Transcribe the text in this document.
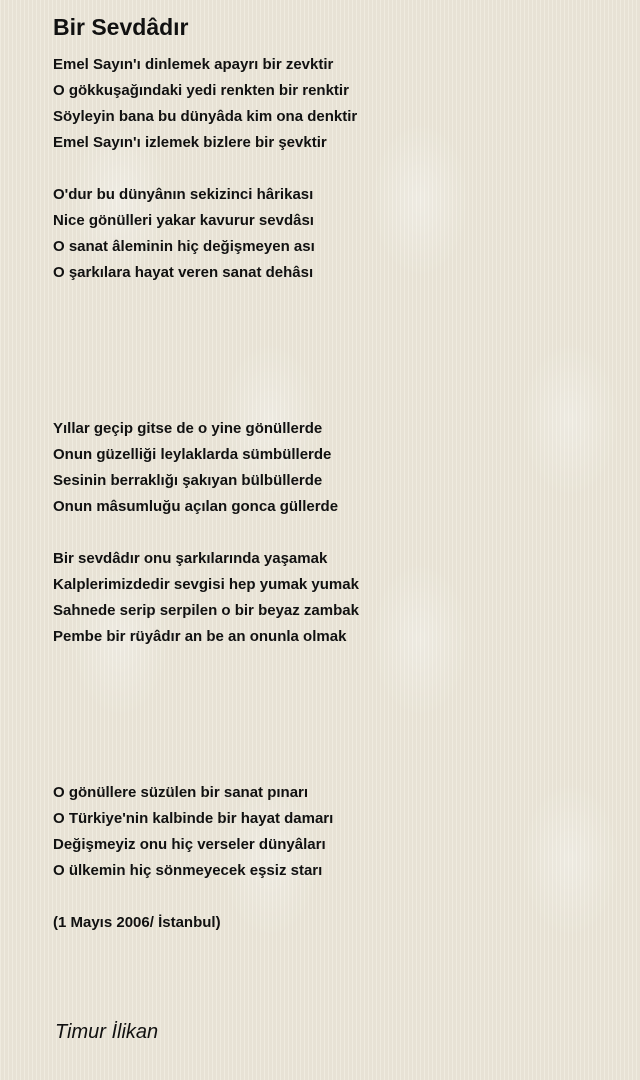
Bir Sevdâdır
Emel Sayın'ı dinlemek apayrı bir zevktir
O gökkuşağındaki yedi renkten bir renktir
Söyleyin bana bu dünyâda kim ona denktir
Emel Sayın'ı izlemek bizlere bir şevktir
O'dur bu dünyânın sekizinci hârikası
Nice gönülleri yakar kavurur sevdâsı
O sanat âleminin hiç değişmeyen ası
O şarkılara hayat veren sanat dehâsı
Yıllar geçip gitse de o yine gönüllerde
Onun güzelliği leylaklarda sümbüllerde
Sesinin berraklığı şakıyan bülbüllerde
Onun mâsumluğu açılan gonca güllerde
Bir sevdâdır onu şarkılarında yaşamak
Kalplerimizdedir sevgisi hep yumak yumak
Sahnede serip serpilen o bir beyaz zambak
Pembe bir rüyâdır an be an onunla olmak
O gönüllere süzülen bir sanat pınarı
O Türkiye'nin kalbinde bir hayat damarı
Değişmeyiz onu hiç verseler dünyâları
O ülkemin hiç sönmeyecek eşsiz starı
(1 Mayıs 2006/ İstanbul)
Timur İlikan
